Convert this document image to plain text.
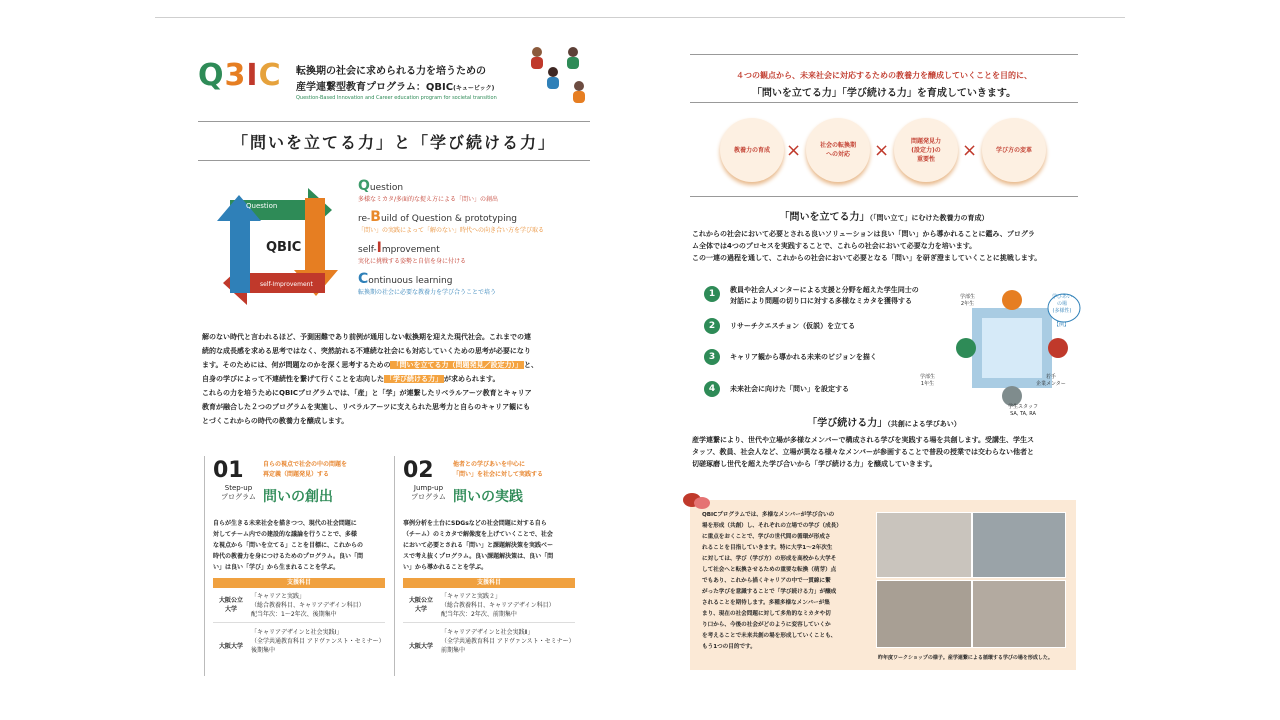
Q3IC 転換期の社会に求められる力を培うための
産学連繋型教育プログラム：QBIC(キュービック)
Question-Based Innovation and Career education program for societal transition
「問いを立てる力」と「学び続ける力」
Question
QBIC
self-Improvement
Question
多様なミカタ/多面的な捉え方による「問い」の創出
re-Build of Question & prototyping
「問い」の実践によって「解のない」時代への向き合い方を学び取る
self-Improvement
実化に挑戦する姿勢と自信を身に付ける
Continuous learning
転換期の社会に必要な教養力を学び合うことで培う

解のない時代と言われるほど、予測困難であり前例が通用しない転換期を迎えた現代社会。これまでの連

続的な成長感を求める思考ではなく、突然訪れる不連続な社会にも対応していくための思考が必要になり

ます。そのためには、何が問題なのかを深く思考するための 「問いを立てる力（問題発見／設定力）」 と、

自身の学びによって不連続性を繋げて行くことを志向した 「学び続ける力」 が求められます。

これらの力を培うためにQBICプログラムでは、「産」と「学」が連繋したリベラルアーツ教育とキャリア

教育が融合した２つのプログラムを実施し、リベラルアーツに支えられた思考力と自らのキャリア観にも

とづくこれからの時代の教養力を醸成します。

01
Step-up
プログラム
自らの視点で社会の中の問題を
再定義（問題発見）する
問いの創出
自らが生きる未来社会を描きつつ、現代の社会問題に
対してチーム内での建設的な議論を行うことで、多様
な視点から「問いを立てる」ことを目標に、これからの
時代の教養力を身につけるためのプログラム。良い「問
い」は良い「学び」から生まれることを学ぶ。
支援科目
大阪公立
大学
「キャリアと実践」
（総合教養科目、キャリアデザイン科目）
配当年次：1〜2年次、後期集中
大阪大学
「キャリアデザインと社会実践Ⅰ」
（全学共通教育科目 アドヴァンスト・セミナー）
後期集中
02
Jump-up
プログラム
他者との学びあいを中心に
「問い」を社会に対して実践する
問いの実践
事例分析を土台にSDGsなどの社会問題に対する自ら
（チーム）のミカタで解像度を上げていくことで、社会
において必要とされる「問い」と課題解決策を実践ベー
スで考え抜くプログラム。良い課題解決策は、良い「問
い」から導かれることを学ぶ。
支援科目
大阪公立
大学
「キャリアと実践２」
（総合教養科目、キャリアデザイン科目）
配当年次：2年次、前期集中
大阪大学
「キャリアデザインと社会実践Ⅱ」
（全学共通教育科目 アドヴァンスト・セミナー）
前期集中
４つの観点から、未来社会に対応するための教養力を醸成していくことを目的に、
「問いを立てる力」「学び続ける力」を育成していきます。
教養力の育成 ×	社会の転換期
への対応	×	問題発見力
(設定力)の
重要性	×	学び方の変革
「問いを立てる力」（「問い立て」にむけた教養力の育成）

これからの社会において必要とされる良いソリューションは良い「問い」から導かれることに鑑み、プログラ

ム全体では4つのプロセスを実践することで、これらの社会において必要な力を培います。

この一連の過程を通して、これからの社会において必要となる「問い」を研ぎ澄ましていくことに挑戦します。

1	教員や社会人メンターによる支援と分野を超えた学生同士の
対話により問題の切り口に対する多様なミカタを獲得する
2	リサーチクエスチョン（仮説）を立てる
3	キャリア観から導かれる未来のビジョンを描く
4	未来社会に向けた「問い」を設定する
学部生
2年生
学びあい
の場
(多様性)
【例】
学部生
1年生
若手
企業メンター
学生スタッフ
SA, TA, RA
「学び続ける力」（共創による学びあい）

産学連繋により、世代や立場が多様なメンバーで構成される学びを実践する場を共創します。受講生、学生ス

タッフ、教員、社会人など、立場が異なる様々なメンバーが参画することで普段の授業では交わらない他者と

切磋琢磨し世代を超えた学び合いから「学び続ける力」を醸成していきます。

QBICプログラムでは、多様なメンバーが学び合いの

場を形成（共創）し、それぞれの立場での学び（成長）

に重点をおくことで、学びの世代間の循環が形成さ

れることを目指していきます。特に大学1〜2年次生

に対しては、学び（学び方）の形成を高校から大学そ

して社会へと転換させるための重要な転換（萌芽）点

でもあり、これから描くキャリアの中で一貫線に繋

がった学びを意識することで「学び続ける力」が醸成

されることを期待します。多種多様なメンバーが集

まり、現在の社会問題に対して多角的なミカタや切

り口から、今後の社会がどのように変容していくか

を考えることで未来共創の場を形成していくことも、

もう1つの目的です。

昨年度ワークショップの様子。産学連繋による循環する学びの場を形成した。
